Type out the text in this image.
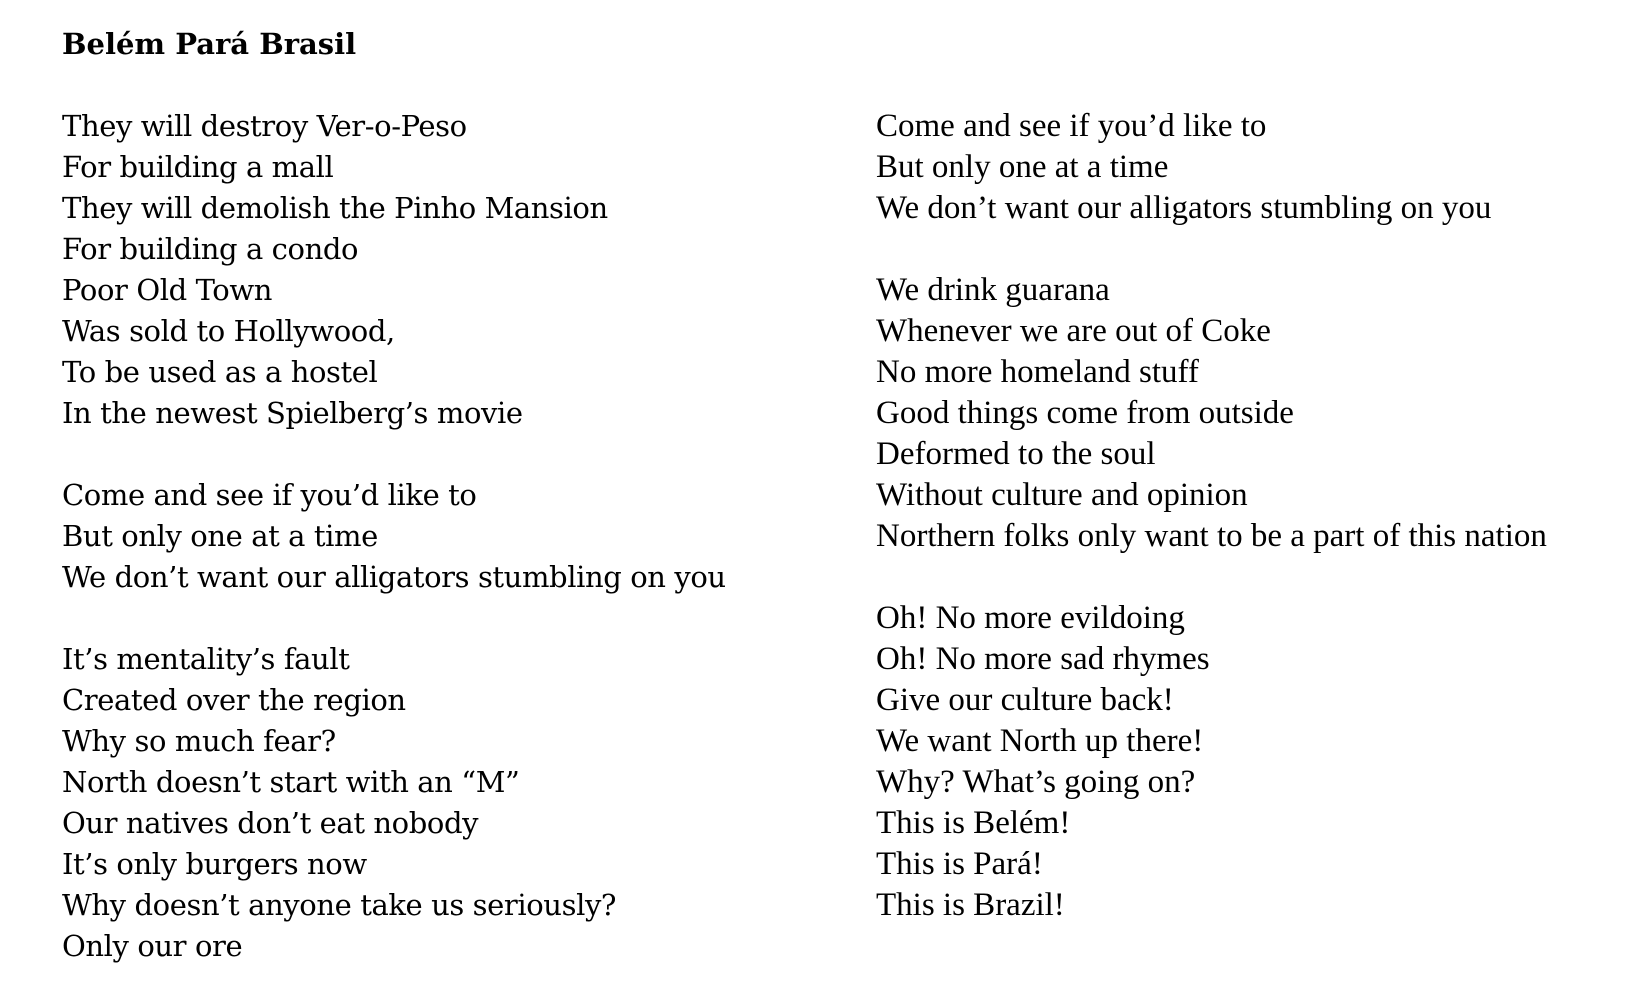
Belém Pará Brasil
They will destroy Ver-o-Peso
For building a mall
They will demolish the Pinho Mansion
For building a condo
Poor Old Town
Was sold to Hollywood,
To be used as a hostel
In the newest Spielberg’s movie
Come and see if you’d like to
But only one at a time
We don’t want our alligators stumbling on you
It’s mentality’s fault
Created over the region
Why so much fear?
North doesn’t start with an “M”
Our natives don’t eat nobody
It’s only burgers now
Why doesn’t anyone take us seriously?
Only our ore
Come and see if you’d like to
But only one at a time
We don’t want our alligators stumbling on you
We drink guarana
Whenever we are out of Coke
No more homeland stuff
Good things come from outside
Deformed to the soul
Without culture and opinion
Northern folks only want to be a part of this nation
Oh! No more evildoing
Oh! No more sad rhymes
Give our culture back!
We want North up there!
Why? What’s going on?
This is Belém!
This is Pará!
This is Brazil!
